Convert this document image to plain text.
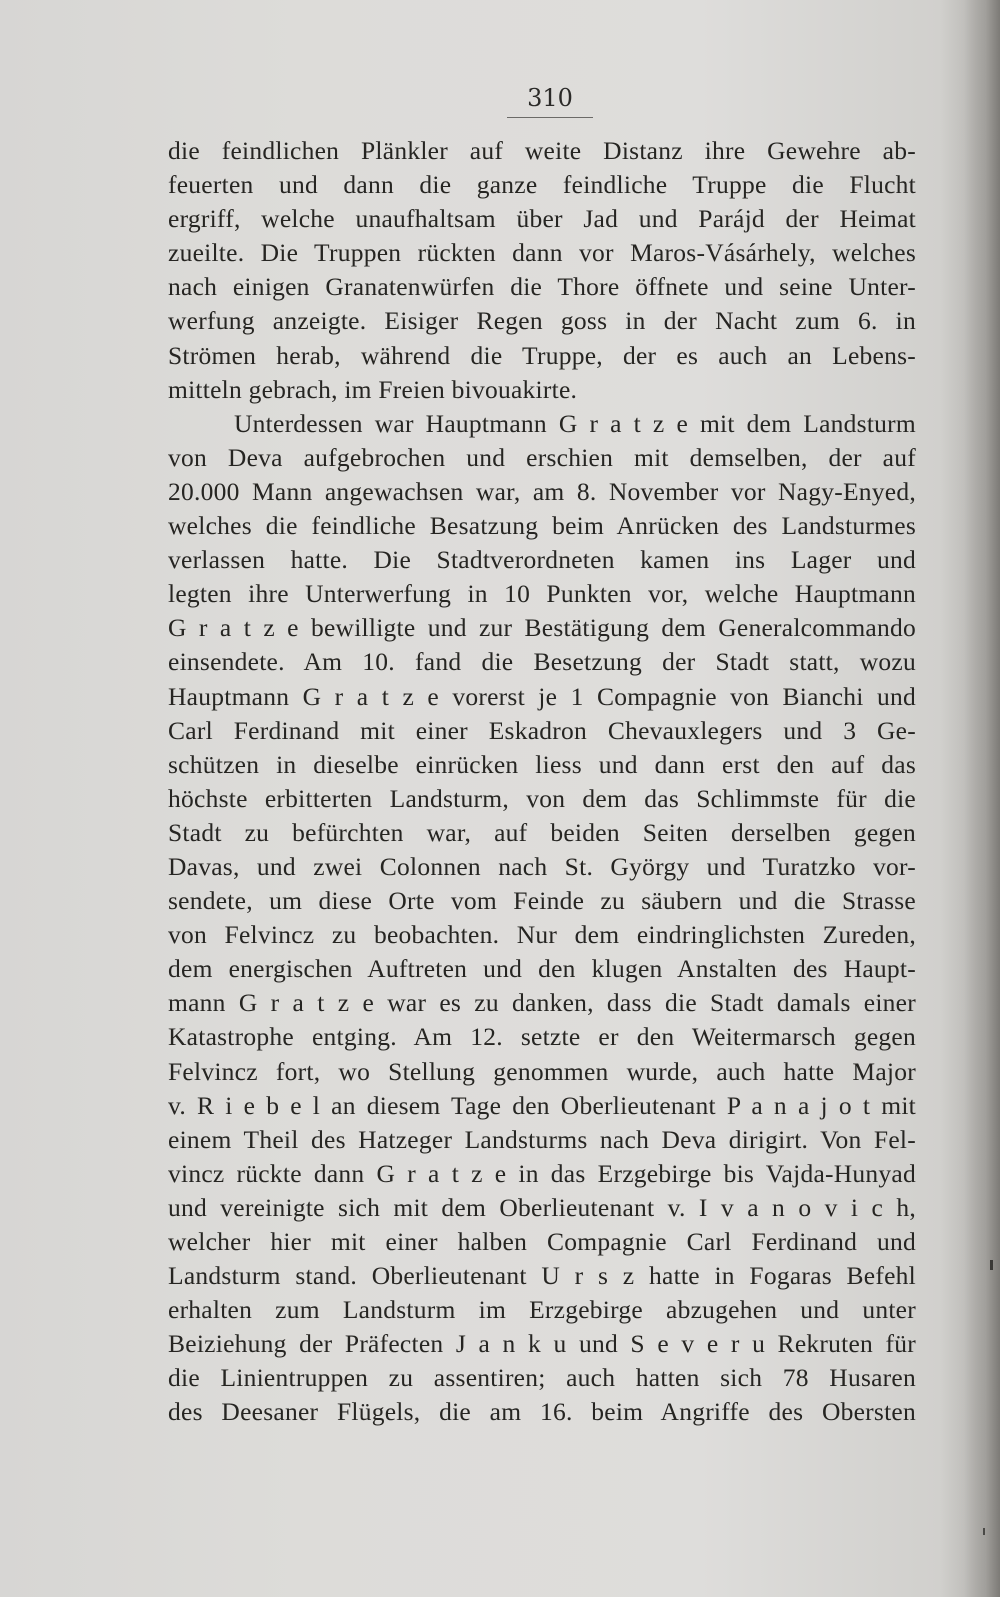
310
die feindlichen Plänkler auf weite Distanz ihre Gewehre ab-
feuerten und dann die ganze feindliche Truppe die Flucht
ergriff, welche unaufhaltsam über Jad und Parájd der Heimat
zueilte. Die Truppen rückten dann vor Maros-Vásárhely, welches
nach einigen Granatenwürfen die Thore öffnete und seine Unter-
werfung anzeigte. Eisiger Regen goss in der Nacht zum 6. in
Strömen herab, während die Truppe, der es auch an Lebens-
mitteln gebrach, im Freien bivouakirte.
Unterdessen war Hauptmann G r a t z e mit dem Landsturm
von Deva aufgebrochen und erschien mit demselben, der auf
20.000 Mann angewachsen war, am 8. November vor Nagy-Enyed,
welches die feindliche Besatzung beim Anrücken des Landsturmes
verlassen hatte. Die Stadtverordneten kamen ins Lager und
legten ihre Unterwerfung in 10 Punkten vor, welche Hauptmann
G r a t z e bewilligte und zur Bestätigung dem Generalcommando
einsendete. Am 10. fand die Besetzung der Stadt statt, wozu
Hauptmann G r a t z e vorerst je 1 Compagnie von Bianchi und
Carl Ferdinand mit einer Eskadron Chevauxlegers und 3 Ge-
schützen in dieselbe einrücken liess und dann erst den auf das
höchste erbitterten Landsturm, von dem das Schlimmste für die
Stadt zu befürchten war, auf beiden Seiten derselben gegen
Davas, und zwei Colonnen nach St. György und Turatzko vor-
sendete, um diese Orte vom Feinde zu säubern und die Strasse
von Felvincz zu beobachten. Nur dem eindringlichsten Zureden,
dem energischen Auftreten und den klugen Anstalten des Haupt-
mann G r a t z e war es zu danken, dass die Stadt damals einer
Katastrophe entging. Am 12. setzte er den Weitermarsch gegen
Felvincz fort, wo Stellung genommen wurde, auch hatte Major
v. R i e b e l an diesem Tage den Oberlieutenant P a n a j o t mit
einem Theil des Hatzeger Landsturms nach Deva dirigirt. Von Fel-
vincz rückte dann G r a t z e in das Erzgebirge bis Vajda-Hunyad
und vereinigte sich mit dem Oberlieutenant v. I v a n o v i c h,
welcher hier mit einer halben Compagnie Carl Ferdinand und
Landsturm stand. Oberlieutenant U r s z hatte in Fogaras Befehl
erhalten zum Landsturm im Erzgebirge abzugehen und unter
Beiziehung der Präfecten J a n k u und S e v e r u Rekruten für
die Linientruppen zu assentiren; auch hatten sich 78 Husaren
des Deesaner Flügels, die am 16. beim Angriffe des Obersten
